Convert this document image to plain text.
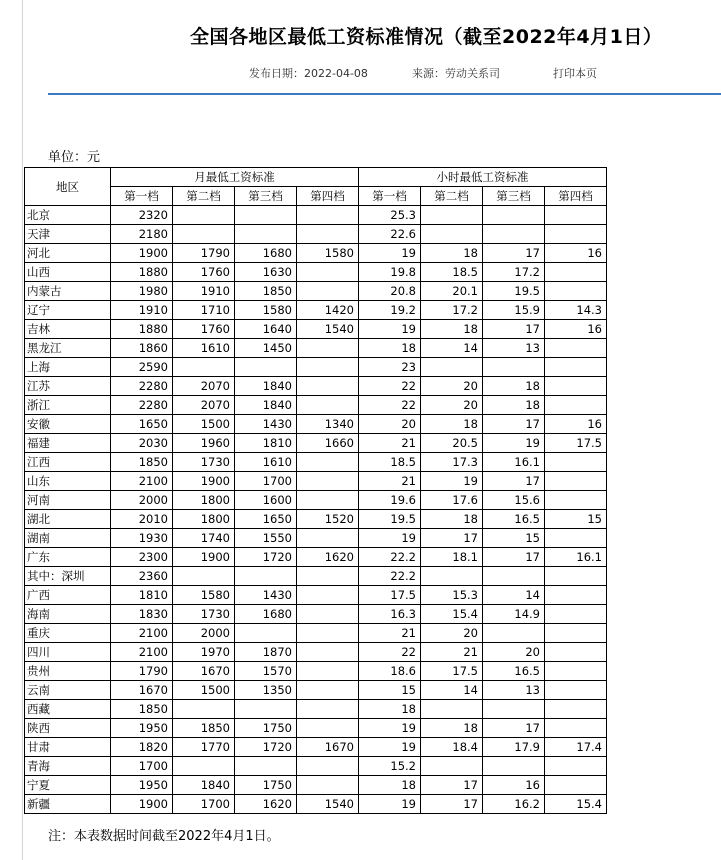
全国各地区最低工资标准情况（截至2022年4月1日）
发布日期：2022-04-08	来源：劳动关系司	打印本页
单位：元
地区	月最低工资标准				小时最低工资标准			
	第一档	第二档	第三档	第四档	第一档	第二档	第三档	第四档
北京	2320				25.3			
天津	2180				22.6			
河北	1900	1790	1680	1580	19	18	17	16
山西	1880	1760	1630		19.8	18.5	17.2	
内蒙古	1980	1910	1850		20.8	20.1	19.5	
辽宁	1910	1710	1580	1420	19.2	17.2	15.9	14.3
吉林	1880	1760	1640	1540	19	18	17	16
黑龙江	1860	1610	1450		18	14	13	
上海	2590				23			
江苏	2280	2070	1840		22	20	18	
浙江	2280	2070	1840		22	20	18	
安徽	1650	1500	1430	1340	20	18	17	16
福建	2030	1960	1810	1660	21	20.5	19	17.5
江西	1850	1730	1610		18.5	17.3	16.1	
山东	2100	1900	1700		21	19	17	
河南	2000	1800	1600		19.6	17.6	15.6	
湖北	2010	1800	1650	1520	19.5	18	16.5	15
湖南	1930	1740	1550		19	17	15	
广东	2300	1900	1720	1620	22.2	18.1	17	16.1
其中：深圳	2360				22.2			
广西	1810	1580	1430		17.5	15.3	14	
海南	1830	1730	1680		16.3	15.4	14.9	
重庆	2100	2000			21	20		
四川	2100	1970	1870		22	21	20	
贵州	1790	1670	1570		18.6	17.5	16.5	
云南	1670	1500	1350		15	14	13	
西藏	1850				18			
陕西	1950	1850	1750		19	18	17	
甘肃	1820	1770	1720	1670	19	18.4	17.9	17.4
青海	1700				15.2			
宁夏	1950	1840	1750		18	17	16	
新疆	1900	1700	1620	1540	19	17	16.2	15.4
注：本表数据时间截至2022年4月1日。
